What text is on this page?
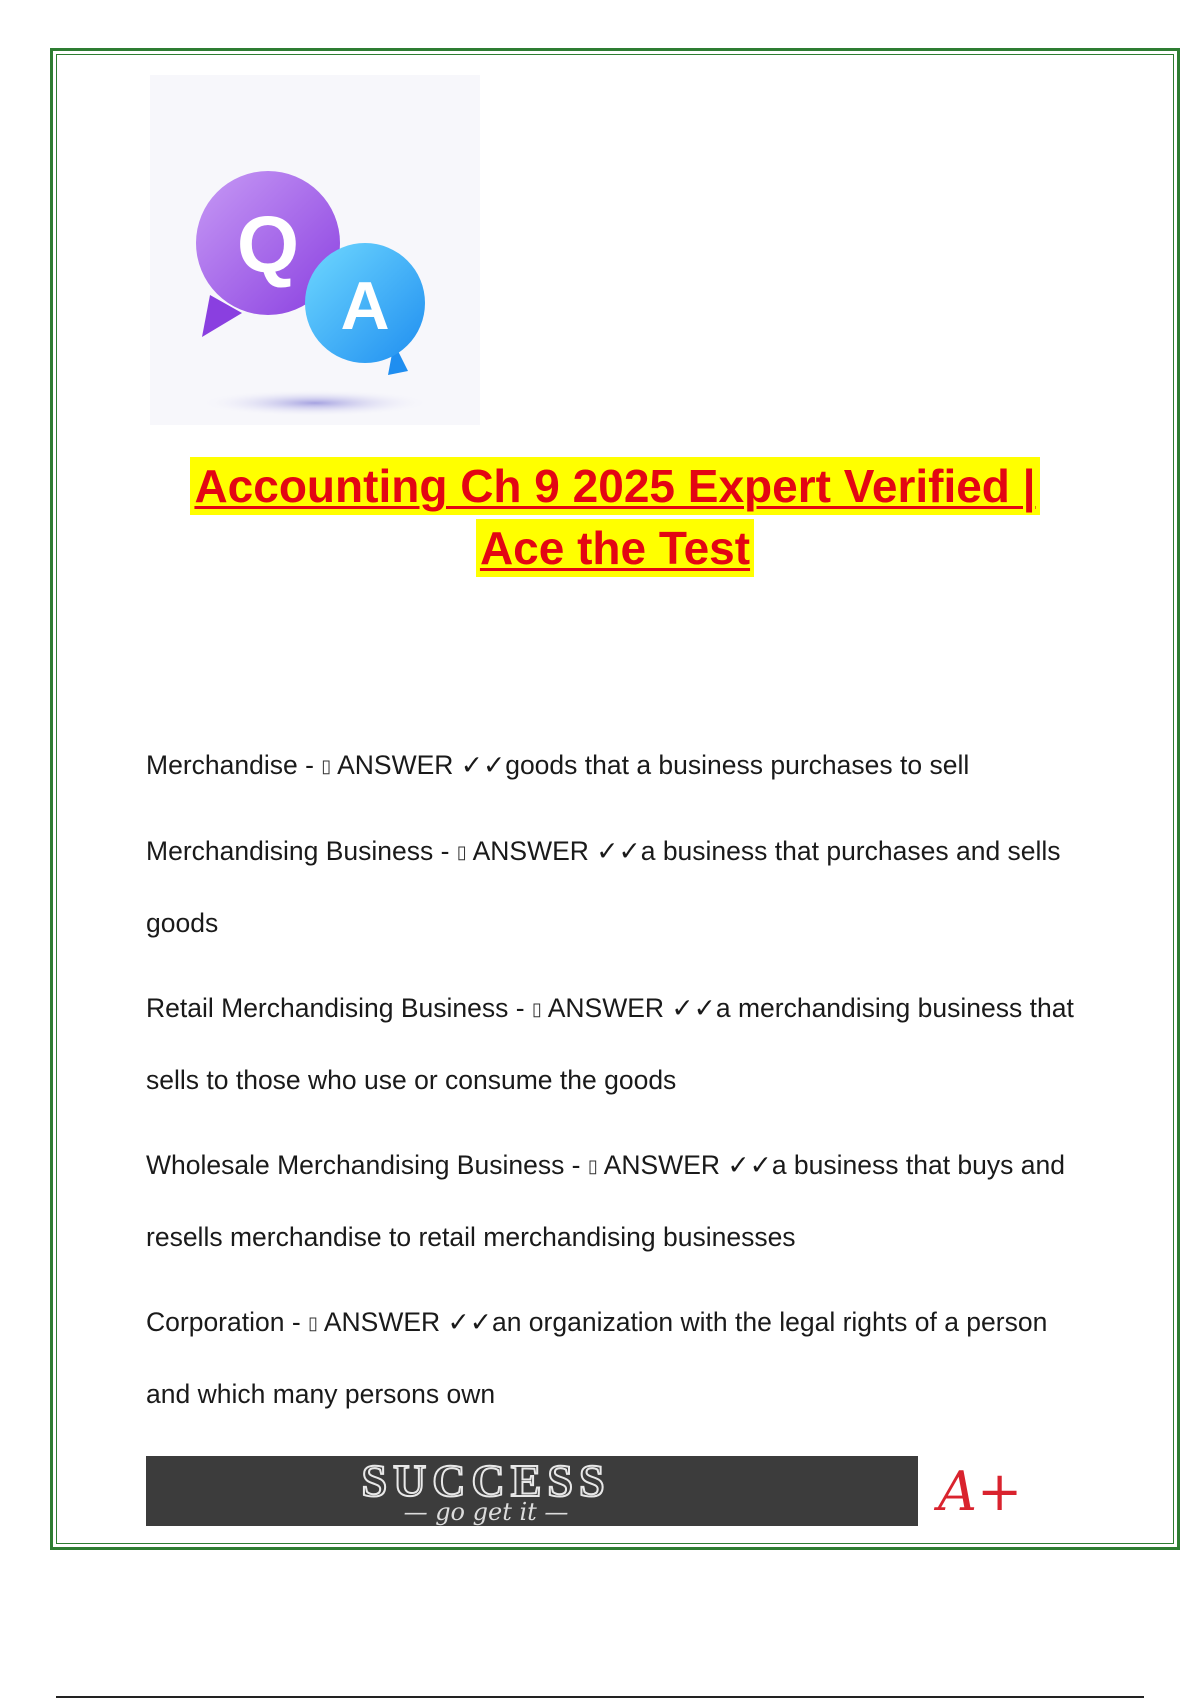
Q
A
Accounting Ch 9 2025 Expert Verified |
Ace the Test
Merchandise - ▯ ANSWER ✓✓goods that a business purchases to sell
Merchandising Business - ▯ ANSWER ✓✓a business that purchases and sells goods
Retail Merchandising Business - ▯ ANSWER ✓✓a merchandising business that sells to those who use or consume the goods
Wholesale Merchandising Business - ▯ ANSWER ✓✓a business that buys and resells merchandise to retail merchandising businesses
Corporation - ▯ ANSWER ✓✓an organization with the legal rights of a person and which many persons own
SUCCESS
— go get it —	A+
